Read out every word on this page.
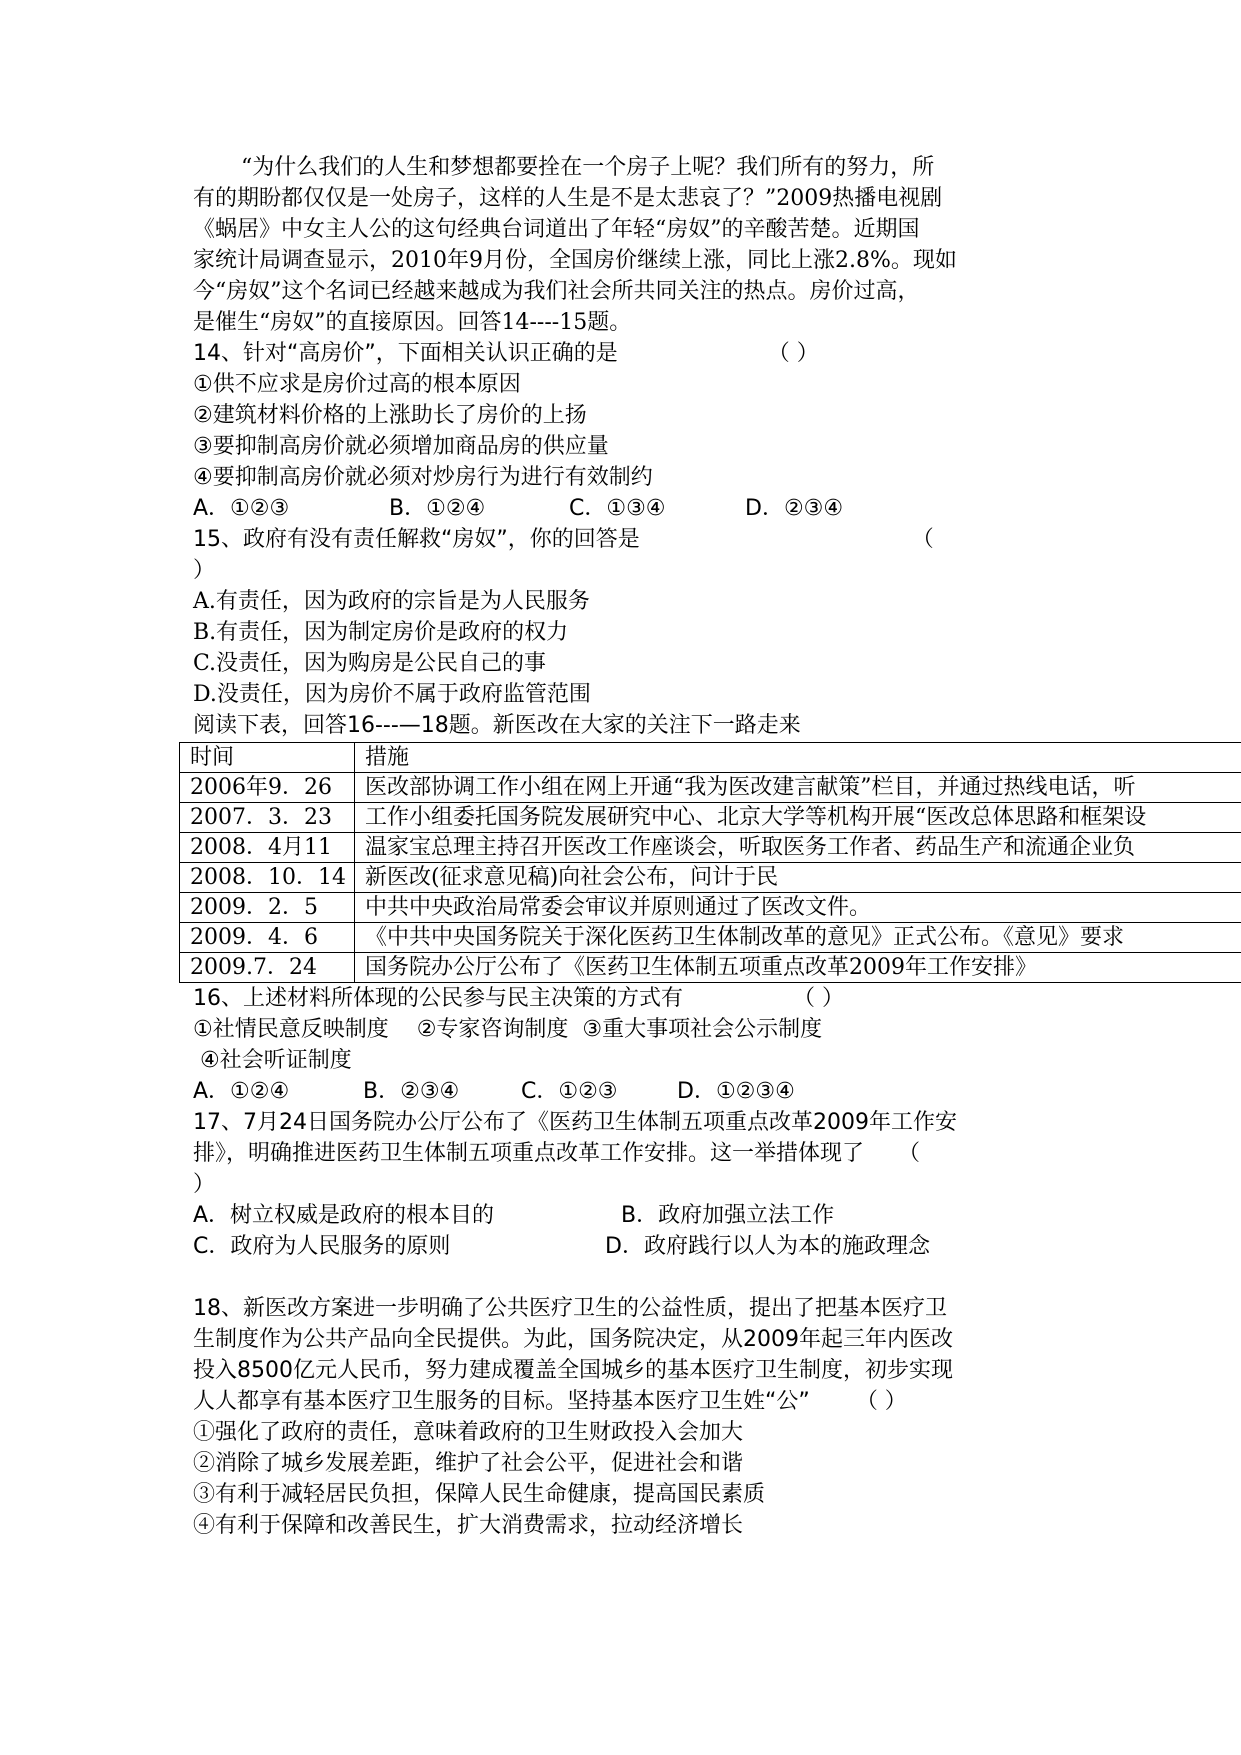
“为什么我们的人生和梦想都要拴在一个房子上呢？我们所有的努力，所

有的期盼都仅仅是一处房子，这样的人生是不是太悲哀了？”2009热播电视剧

《蜗居》中女主人公的这句经典台词道出了年轻“房奴”的辛酸苦楚。近期国

家统计局调查显示，2010年9月份，全国房价继续上涨，同比上涨2.8%。现如

今“房奴”这个名词已经越来越成为我们社会所共同关注的热点。房价过高，

是催生“房奴”的直接原因。回答14----15题。

14、针对“高房价”，下面相关认识正确的是	（ ）

①供不应求是房价过高的根本原因

②建筑材料价格的上涨助长了房价的上扬

③要抑制高房价就必须增加商品房的供应量

④要抑制高房价就必须对炒房行为进行有效制约

A．①②③	B．①②④	C．①③④	D．②③④

15、政府有没有责任解救“房奴”，你的回答是	（

）

A.有责任，因为政府的宗旨是为人民服务

B.有责任，因为制定房价是政府的权力

C.没责任，因为购房是公民自己的事

D.没责任，因为房价不属于政府监管范围

阅读下表，回答16---—18题。新医改在大家的关注下一路走来

时间	措施
2006年9．26	医改部协调工作小组在网上开通“我为医改建言献策”栏目，并通过热线电话，听
2007．3．23	工作小组委托国务院发展研究中心、北京大学等机构开展“医改总体思路和框架设
2008．4月11	温家宝总理主持召开医改工作座谈会，听取医务工作者、药品生产和流通企业负
2008．10．14	新医改(征求意见稿)向社会公布，问计于民
2009．2．5	中共中央政治局常委会审议并原则通过了医改文件。
2009．4．6	《中共中央国务院关于深化医药卫生体制改革的意见》正式公布。《意见》要求
2009.7．24	国务院办公厅公布了《医药卫生体制五项重点改革2009年工作安排》

16、上述材料所体现的公民参与民主决策的方式有	（ ）

①社情民意反映制度    ②专家咨询制度  ③重大事项社会公示制度

④社会听证制度

A．①②④	B．②③④	C．①②③	D．①②③④

17、7月24日国务院办公厅公布了《医药卫生体制五项重点改革2009年工作安

排》，明确推进医药卫生体制五项重点改革工作安排。这一举措体现了 （

）

A．树立权威是政府的根本目的	B．政府加强立法工作

C．政府为人民服务的原则	D．政府践行以人为本的施政理念

18、新医改方案进一步明确了公共医疗卫生的公益性质，提出了把基本医疗卫

生制度作为公共产品向全民提供。为此，国务院决定，从2009年起三年内医改

投入8500亿元人民币，努力建成覆盖全国城乡的基本医疗卫生制度，初步实现

人人都享有基本医疗卫生服务的目标。坚持基本医疗卫生姓“公” （ ）

①强化了政府的责任，意味着政府的卫生财政投入会加大

②消除了城乡发展差距，维护了社会公平，促进社会和谐

③有利于减轻居民负担，保障人民生命健康，提高国民素质

④有利于保障和改善民生，扩大消费需求，拉动经济增长
